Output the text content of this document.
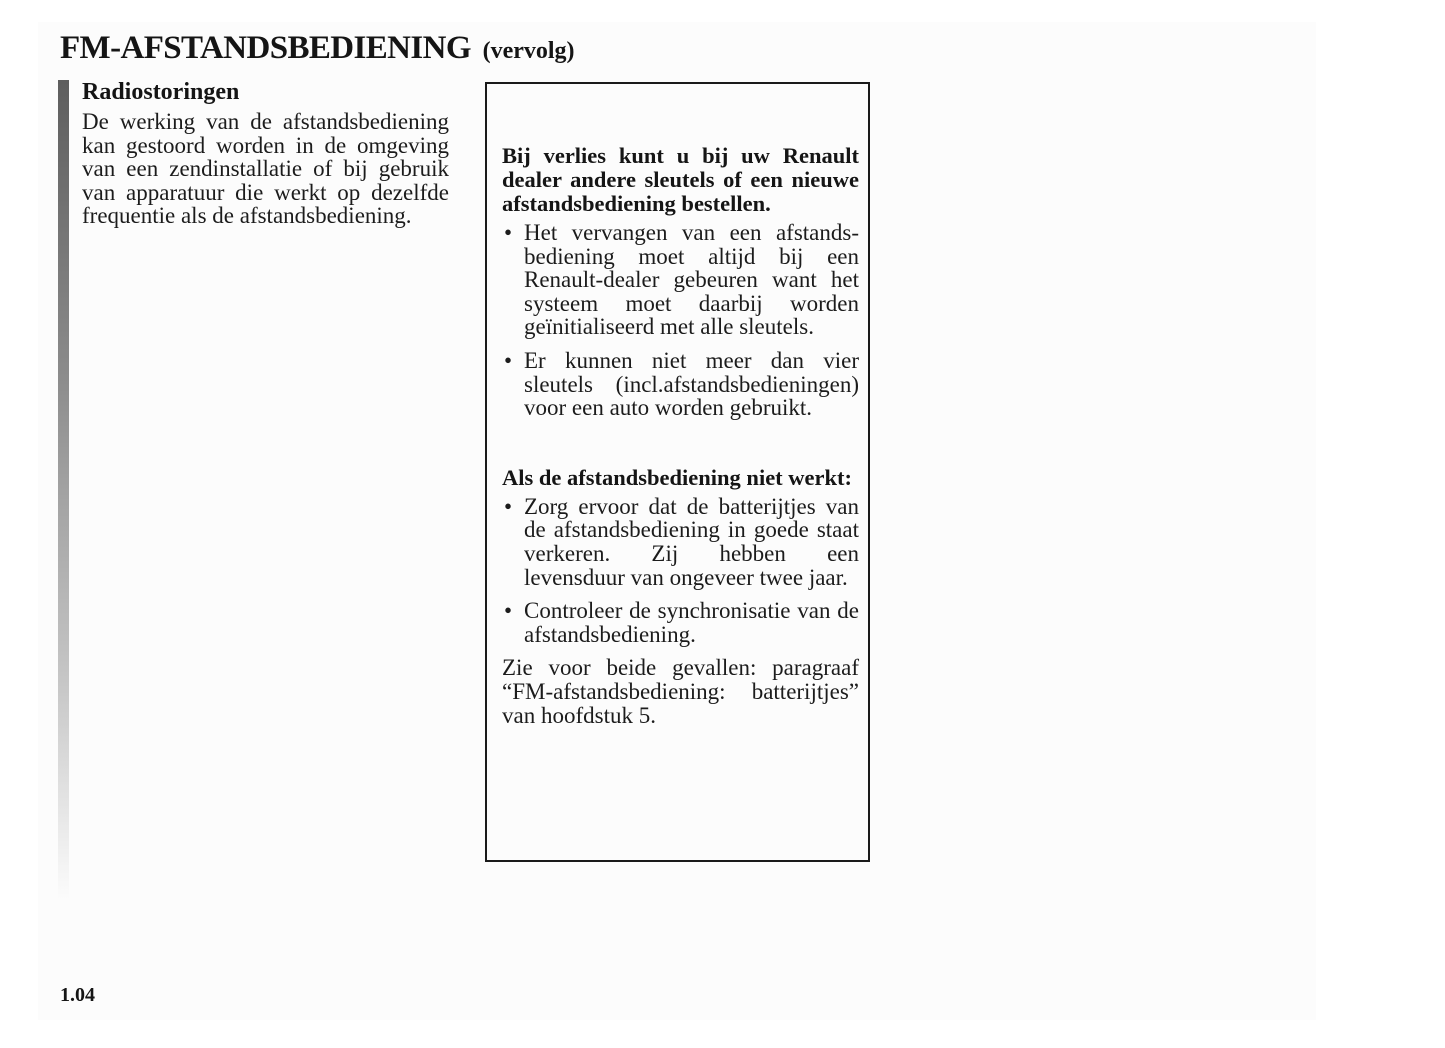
FM-AFSTANDSBEDIENING (vervolg)
Radiostoringen

De werking van de afstandsbediening kan gestoord worden in de omgeving van een zendinstallatie of bij gebruik van apparatuur die werkt op dezelfde frequentie als de afstandsbediening.

Bij verlies kunt u bij uw Renault dealer andere sleutels of een nieuwe afstandsbediening bestellen.

• Het vervangen van een afstandsbediening moet altijd bij een Renault-dealer gebeuren want het systeem moet daarbij worden geïnitialiseerd met alle sleutels.
• Er kunnen niet meer dan vier sleutels (incl.afstandsbedieningen) voor een auto worden gebruikt.

Als de afstandsbediening niet werkt:

• Zorg ervoor dat de batterijtjes van de afstandsbediening in goede staat verkeren. Zij hebben een levensduur van ongeveer twee jaar.
• Controleer de synchronisatie van de afstandsbediening.

Zie voor beide gevallen: paragraaf “FM-afstandsbediening: batterijtjes” van hoofdstuk 5.

1.04
